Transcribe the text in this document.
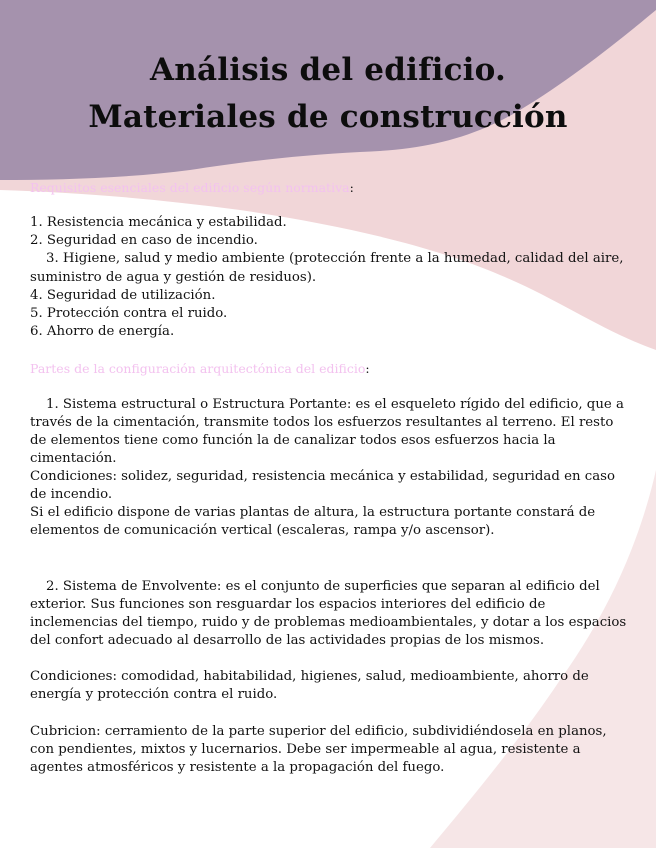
Análisis del edificio.
Materiales de construcción

Requisitos esenciales del edificio según normativa:

1. Resistencia mecánica y estabilidad.
2. Seguridad en caso de incendio.
3. Higiene, salud y medio ambiente (protección frente a la humedad, calidad del aire, suministro de agua y gestión de residuos).
4. Seguridad de utilización.
5. Protección contra el ruido.
6. Ahorro de energía.

Partes de la configuración arquitectónica del edificio:

1. Sistema estructural o Estructura Portante: es el esqueleto rígido del edificio, que a través de la cimentación, transmite todos los esfuerzos resultantes al terreno. El resto de elementos tiene como función la de canalizar todos esos esfuerzos hacia la cimentación.

Condiciones: solidez, seguridad, resistencia mecánica y estabilidad, seguridad en caso de incendio.

Si el edificio dispone de varias plantas de altura, la estructura portante constará de elementos de comunicación vertical (escaleras, rampa y/o ascensor).

2. Sistema de Envolvente: es el conjunto de superficies que separan al edificio del exterior. Sus funciones son resguardar los espacios interiores del edificio de inclemencias del tiempo, ruido y de problemas medioambientales, y dotar a los espacios del confort adecuado al desarrollo de las actividades propias de los mismos.

Condiciones: comodidad, habitabilidad, higienes, salud, medioambiente, ahorro de energía y protección contra el ruido.

Cubricion: cerramiento de la parte superior del edificio, subdividiéndosela en planos, con pendientes, mixtos y lucernarios. Debe ser impermeable al agua, resistente a agentes atmosféricos y resistente a la propagación del fuego.
